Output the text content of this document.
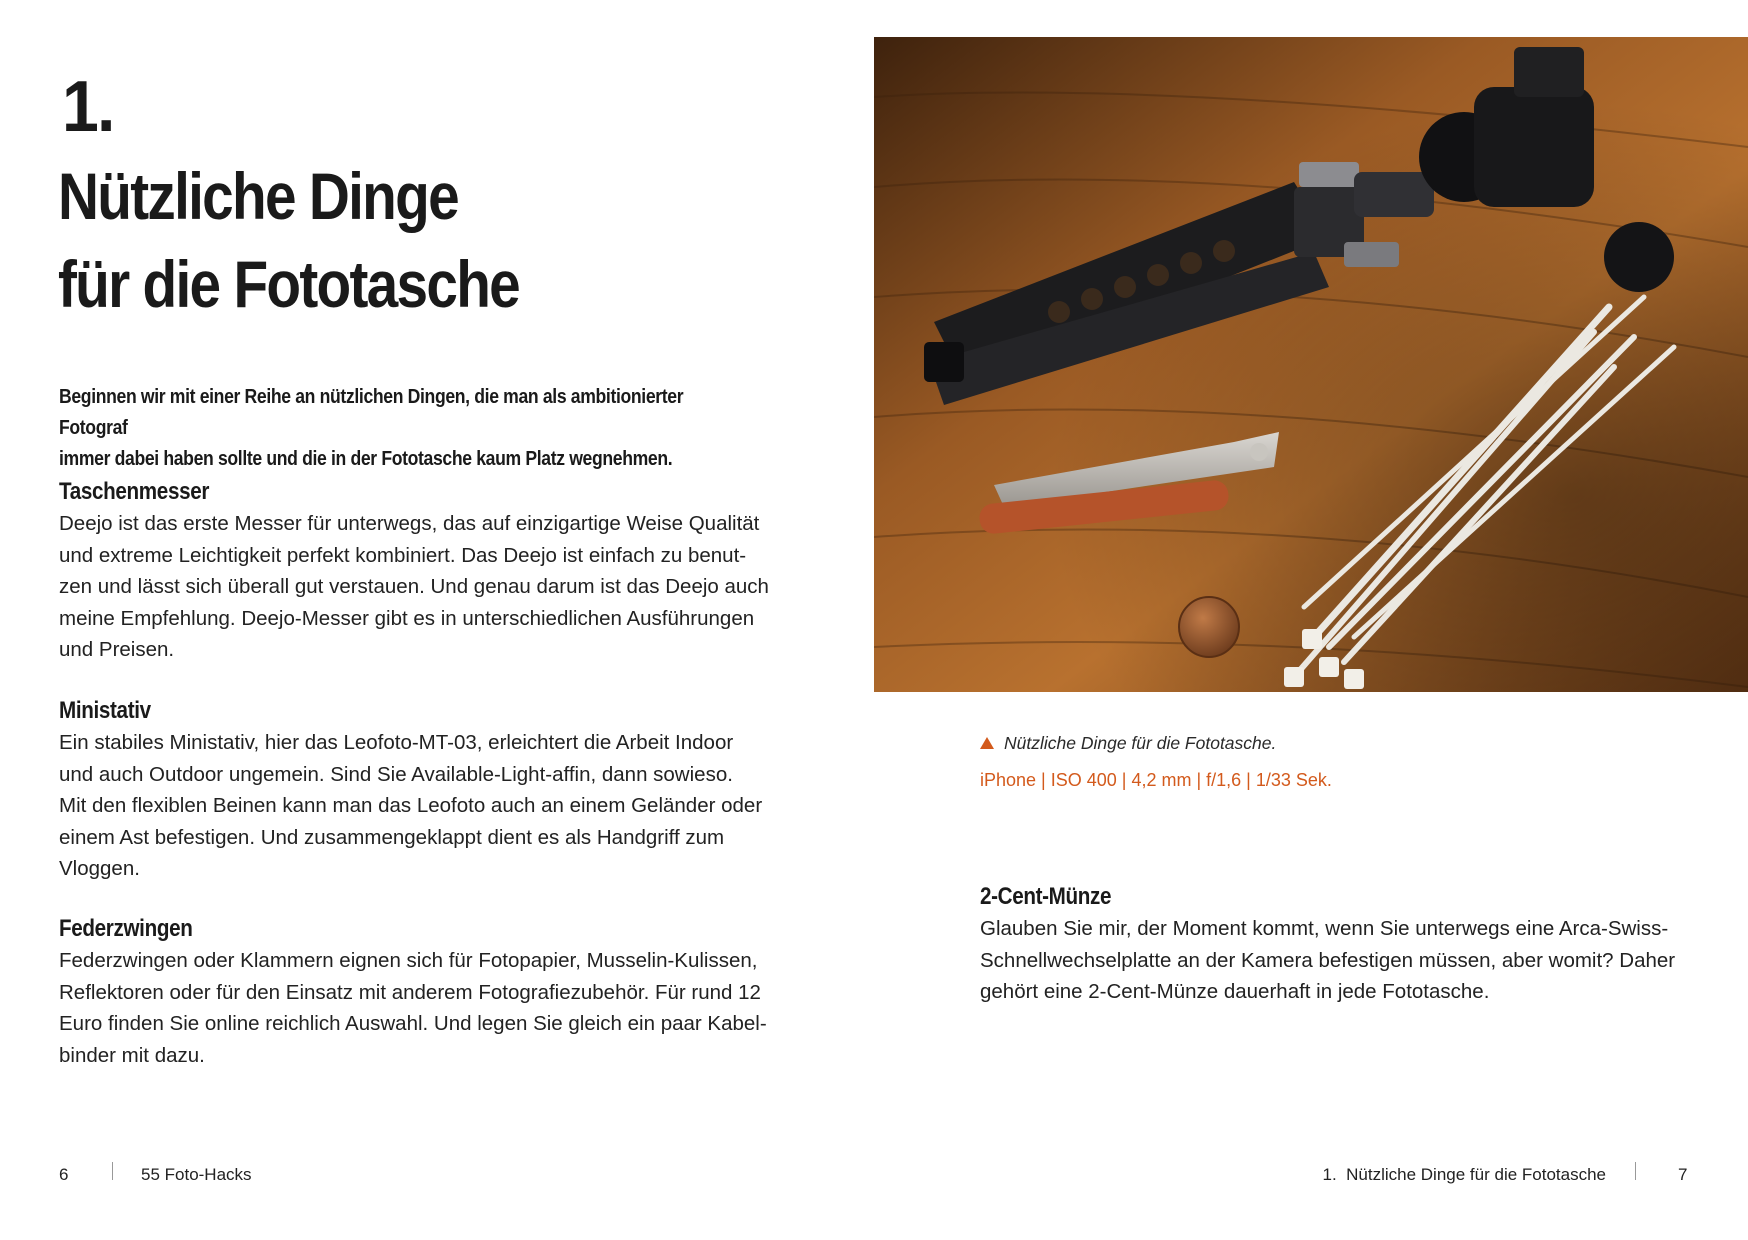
1.
Nützliche Dinge
für die Fototasche

Beginnen wir mit einer Reihe an nützlichen Dingen, die man als ambitionierter Fotograf
immer dabei haben sollte und die in der Fototasche kaum Platz wegnehmen.

Taschenmesser

Deejo ist das erste Messer für unterwegs, das auf einzigartige Weise Qualität
und extreme Leichtigkeit perfekt kombiniert. Das Deejo ist einfach zu benut-
zen und lässt sich überall gut verstauen. Und genau darum ist das Deejo auch
meine Empfehlung. Deejo-Messer gibt es in unterschiedlichen Ausführungen
und Preisen.

Ministativ

Ein stabiles Ministativ, hier das Leofoto-MT-03, erleichtert die Arbeit Indoor
und auch Outdoor ungemein. Sind Sie Available-Light-affin, dann sowieso.
Mit den flexiblen Beinen kann man das Leofoto auch an einem Geländer oder
einem Ast befestigen. Und zusammengeklappt dient es als Handgriff zum
Vloggen.

Federzwingen

Federzwingen oder Klammern eignen sich für Fotopapier, Musselin-Kulissen,
Reflektoren oder für den Einsatz mit anderem Fotografiezubehör. Für rund 12
Euro finden Sie online reichlich Auswahl. Und legen Sie gleich ein paar Kabel-
binder mit dazu.

Nützliche Dinge für die Fototasche.

iPhone | ISO 400 | 4,2 mm | f/1,6 | 1/33 Sek.

2-Cent-Münze

Glauben Sie mir, der Moment kommt, wenn Sie unterwegs eine Arca-Swiss-
Schnellwechselplatte an der Kamera befestigen müssen, aber womit? Daher
gehört eine 2-Cent-Münze dauerhaft in jede Fototasche.

6	55 Foto-Hacks	1.  Nützliche Dinge für die Fototasche	7
